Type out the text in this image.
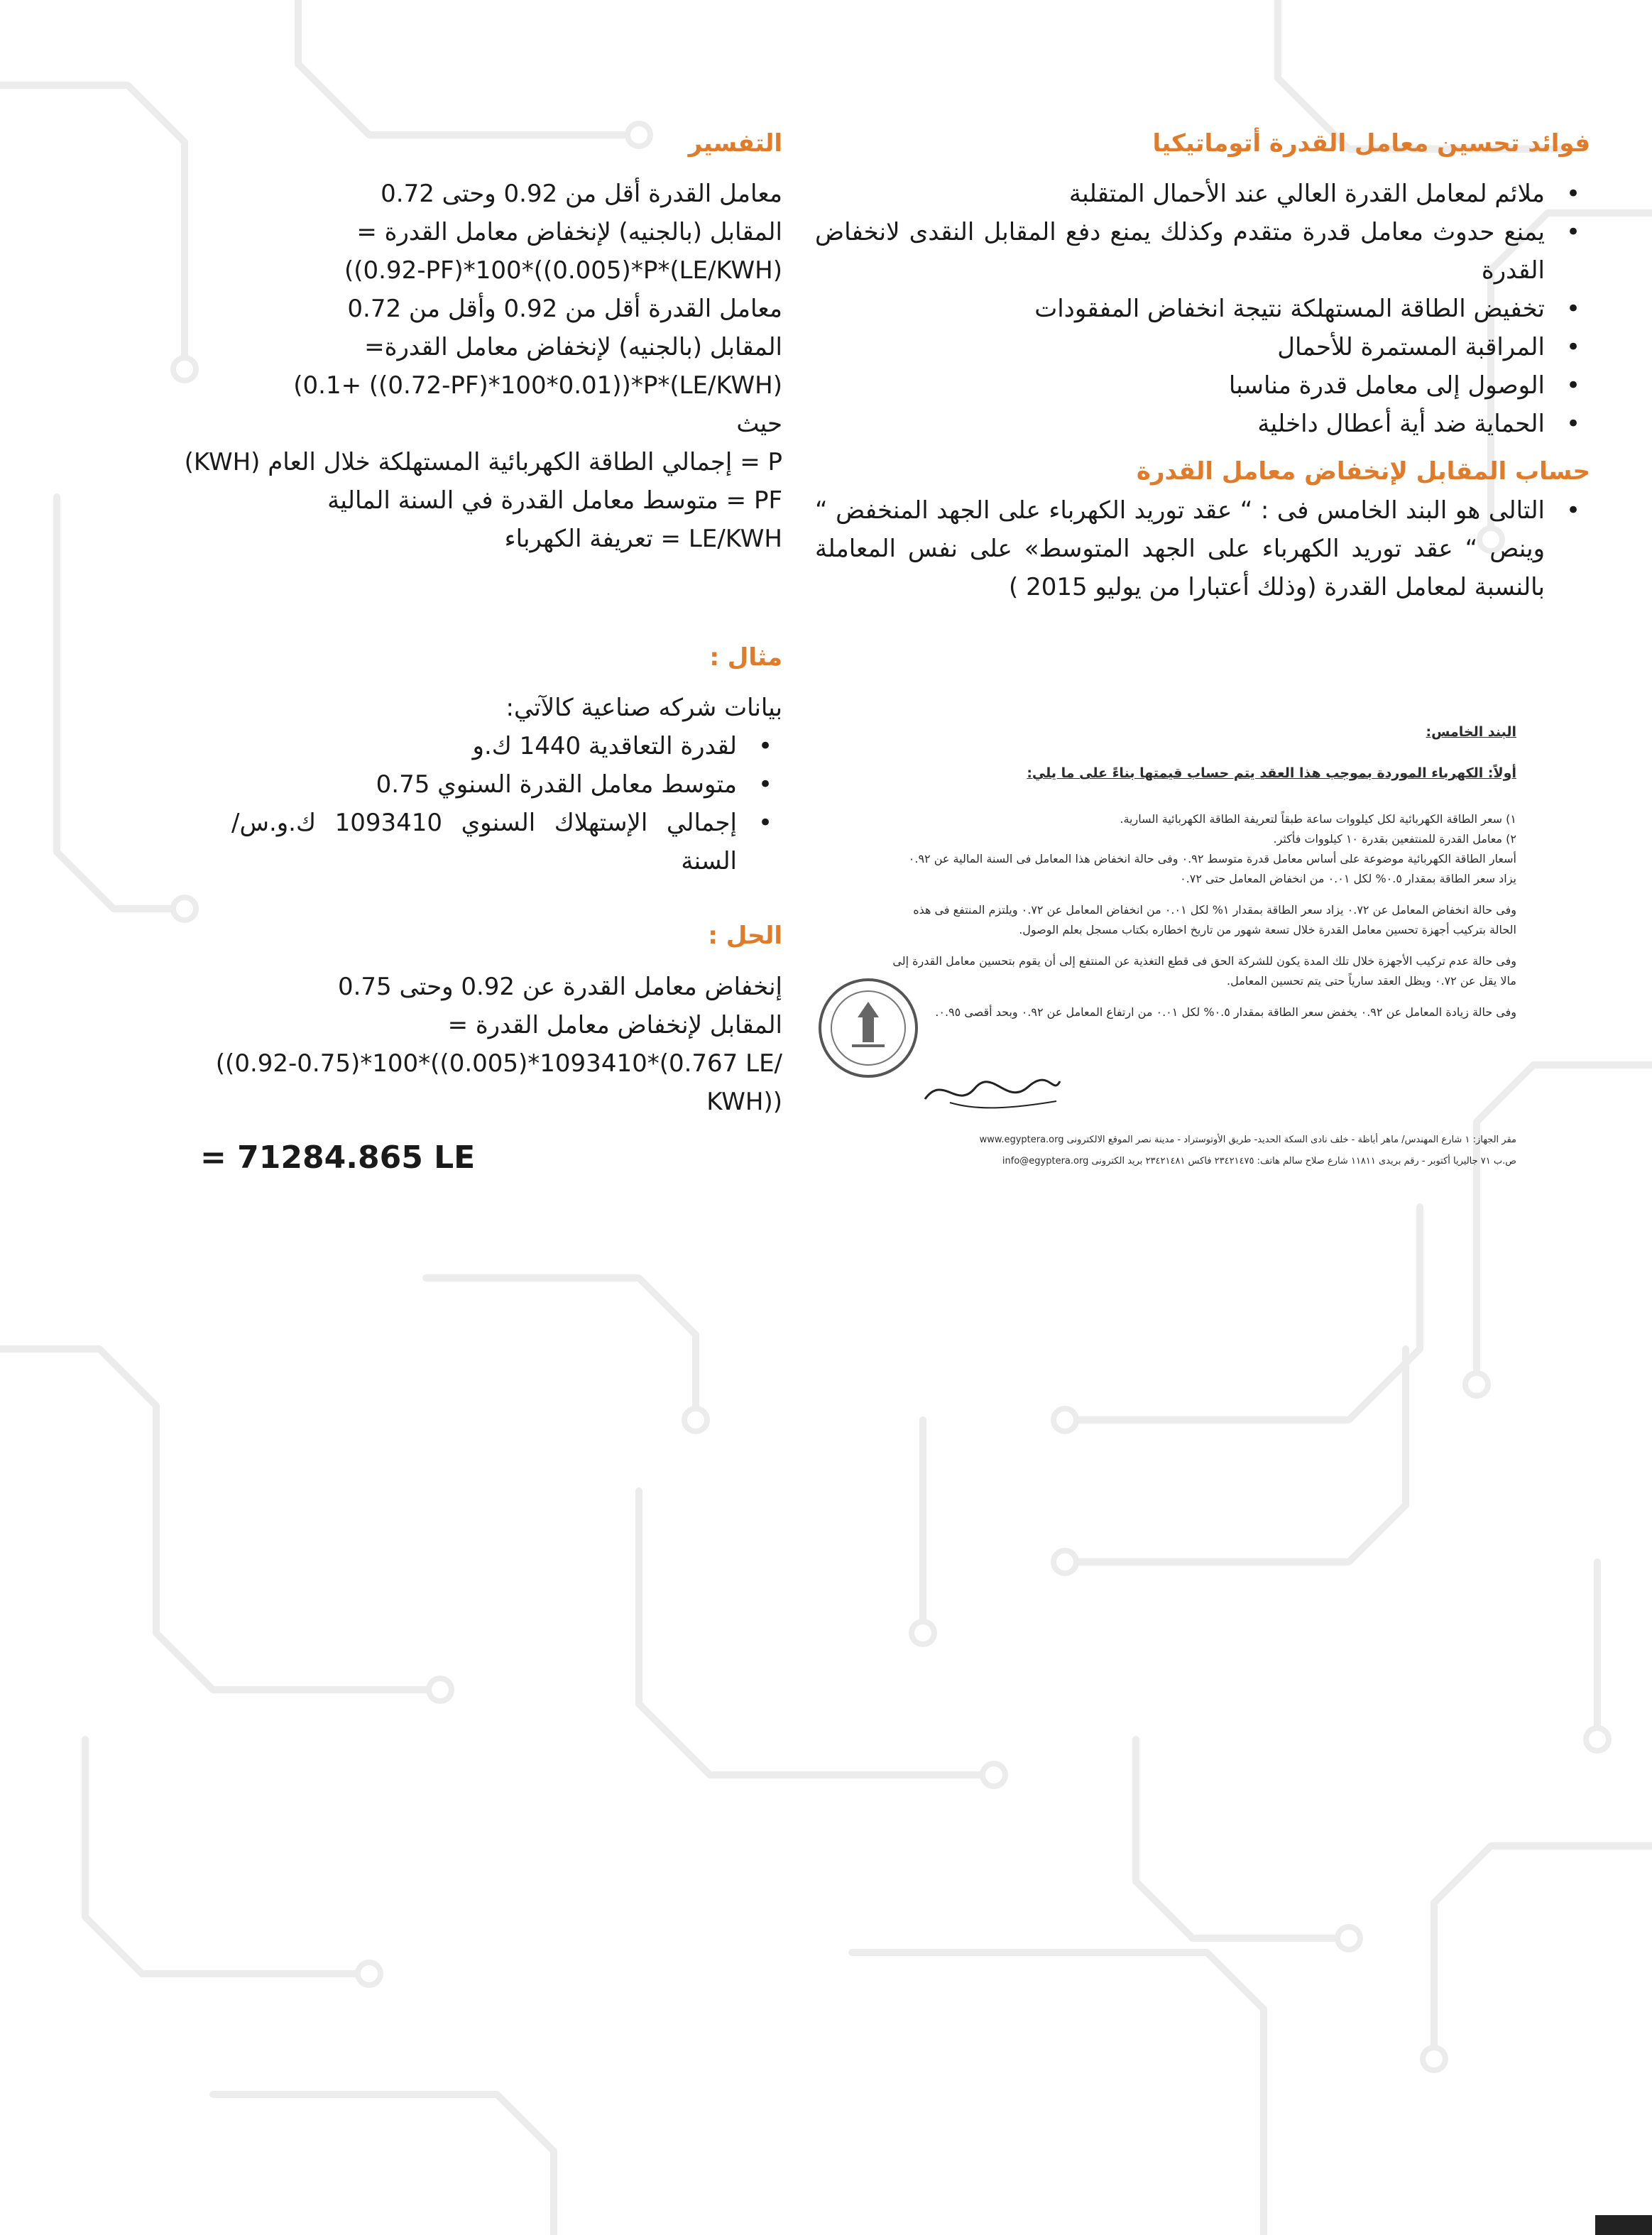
فوائد تحسين معامل القدرة أتوماتيكيا
• ملائم لمعامل القدرة العالي عند الأحمال المتقلبة
• يمنع حدوث معامل قدرة متقدم وكذلك يمنع دفع المقابل النقدى لانخفاض القدرة
• تخفيض الطاقة المستهلكة نتيجة انخفاض المفقودات
• المراقبة المستمرة للأحمال
• الوصول إلى معامل قدرة مناسبا
• الحماية ضد أية أعطال داخلية
حساب المقابل لإنخفاض معامل القدرة
• التالى هو البند الخامس فى : “ عقد توريد الكهرباء على الجهد المنخفض “ وينص “ عقد توريد الكهرباء على الجهد المتوسط» على نفس المعاملة بالنسبة لمعامل القدرة (وذلك أعتبارا من يوليو 2015 )
البند الخامس:
أولاً: الكهرباء الموردة بموجب هذا العقد يتم حساب قيمتها بناءً على ما يلي:

١) سعر الطاقة الكهربائية لكل كيلووات ساعة طبقاً لتعريفة الطاقة الكهربائية السارية.

٢) معامل القدرة للمنتفعين بقدرة ١٠ كيلووات فأكثر.

أسعار الطاقة الكهربائية موضوعة على أساس معامل قدرة متوسط ٠.٩٢ وفى حالة انخفاض هذا المعامل فى السنة المالية عن ٠.٩٢ يزاد سعر الطاقة بمقدار ٠.٥% لكل ٠.٠١ من انخفاض المعامل حتى ٠.٧٢

وفى حالة انخفاض المعامل عن ٠.٧٢ يزاد سعر الطاقة بمقدار ١% لكل ٠.٠١ من انخفاض المعامل عن ٠.٧٢ ويلتزم المنتفع فى هذه الحالة بتركيب أجهزة تحسين معامل القدرة خلال تسعة شهور من تاريخ اخطاره بكتاب مسجل بعلم الوصول.

وفى حالة عدم تركيب الأجهزة خلال تلك المدة يكون للشركة الحق فى قطع التغذية عن المنتفع إلى أن يقوم بتحسين معامل القدرة إلى مالا يقل عن ٠.٧٢ ويظل العقد سارياً حتى يتم تحسين المعامل.

وفى حالة زيادة المعامل عن ٠.٩٢ يخفض سعر الطاقة بمقدار ٠.٥% لكل ٠.٠١ من ارتفاع المعامل عن ٠.٩٢ وبحد أقصى ٠.٩٥.

مقر الجهاز: ١ شارع المهندس/ ماهر أباظة - خلف نادى السكة الحديد- طريق الأوتوستراد - مدينة نصر الموقع الالكترونى www.egyptera.org
ص.ب ٧١ جاليريا أكتوبر - رقم بريدى ١١٨١١ شارع صلاح سالم هاتف: ٢٣٤٢١٤٧٥ فاكس ٢٣٤٢١٤٨١ بريد الكترونى info@egyptera.org
التفسير
معامل القدرة أقل من 0.92 وحتى 0.72
المقابل (بالجنيه) لإنخفاض معامل القدرة =
((0.92-PF)*100*((0.005)*P*(LE/KWH)
معامل القدرة أقل من 0.92 وأقل من 0.72
المقابل (بالجنيه) لإنخفاض معامل القدرة=
(0.1+ ((0.72-PF)*100*0.01))*P*(LE/KWH)
حيث
P = إجمالي الطاقة الكهربائية المستهلكة خلال العام (KWH)
PF = متوسط معامل القدرة في السنة المالية
LE/KWH = تعريفة الكهرباء
مثال :
بيانات شركه صناعية كالآتي:
• لقدرة التعاقدية 1440 ك.و
• متوسط معامل القدرة السنوي 0.75
• إجمالي الإستهلاك السنوي 1093410 ك.و.س/ السنة
الحل :
إنخفاض معامل القدرة عن 0.92 وحتى 0.75
المقابل لإنخفاض معامل القدرة =
((0.92-0.75)*100*((0.005)*1093410*(0.767 LE/
KWH))
= 71284.865 LE
